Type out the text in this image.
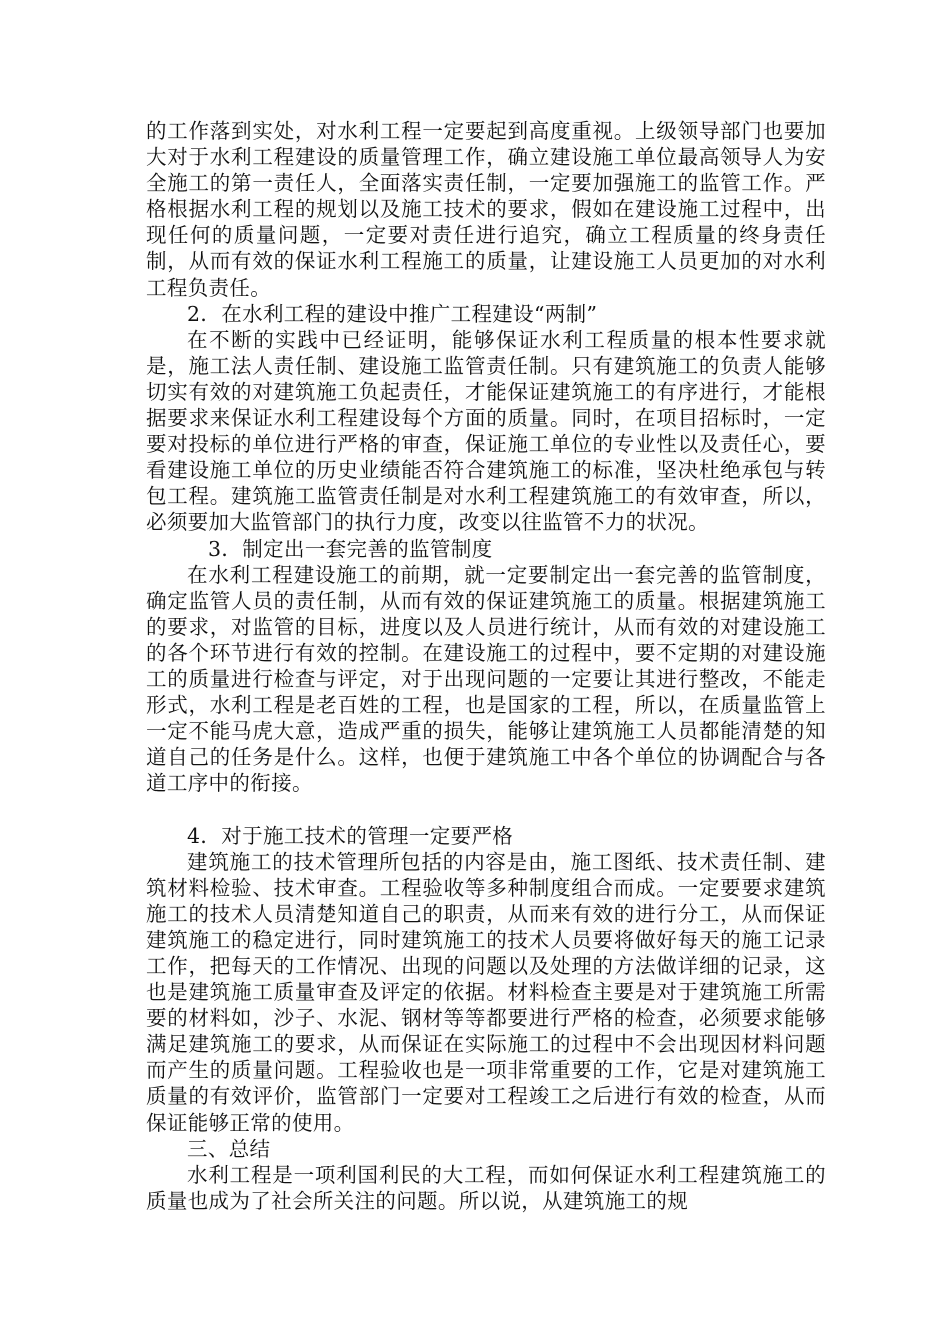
的工作落到实处，对水利工程一定要起到高度重视。上级领导部门也要加大对于水利工程建设的质量管理工作，确立建设施工单位最高领导人为安全施工的第一责任人，全面落实责任制，一定要加强施工的监管工作。严格根据水利工程的规划以及施工技术的要求，假如在建设施工过程中，出现任何的质量问题，一定要对责任进行追究，确立工程质量的终身责任制，从而有效的保证水利工程施工的质量，让建设施工人员更加的对水利工程负责任。

2．在水利工程的建设中推广工程建设“两制”

在不断的实践中已经证明，能够保证水利工程质量的根本性要求就是，施工法人责任制、建设施工监管责任制。只有建筑施工的负责人能够切实有效的对建筑施工负起责任，才能保证建筑施工的有序进行，才能根据要求来保证水利工程建设每个方面的质量。同时，在项目招标时，一定要对投标的单位进行严格的审查，保证施工单位的专业性以及责任心，要看建设施工单位的历史业绩能否符合建筑施工的标准，坚决杜绝承包与转包工程。建筑施工监管责任制是对水利工程建筑施工的有效审查，所以，必须要加大监管部门的执行力度，改变以往监管不力的状况。

3．制定出一套完善的监管制度

在水利工程建设施工的前期，就一定要制定出一套完善的监管制度，确定监管人员的责任制，从而有效的保证建筑施工的质量。根据建筑施工的要求，对监管的目标，进度以及人员进行统计，从而有效的对建设施工的各个环节进行有效的控制。在建设施工的过程中，要不定期的对建设施工的质量进行检查与评定，对于出现问题的一定要让其进行整改，不能走形式，水利工程是老百姓的工程，也是国家的工程，所以，在质量监管上一定不能马虎大意，造成严重的损失，能够让建筑施工人员都能清楚的知道自己的任务是什么。这样，也便于建筑施工中各个单位的协调配合与各道工序中的衔接。

4．对于施工技术的管理一定要严格

建筑施工的技术管理所包括的内容是由，施工图纸、技术责任制、建筑材料检验、技术审查。工程验收等多种制度组合而成。一定要要求建筑施工的技术人员清楚知道自己的职责，从而来有效的进行分工，从而保证建筑施工的稳定进行，同时建筑施工的技术人员要将做好每天的施工记录工作，把每天的工作情况、出现的问题以及处理的方法做详细的记录，这也是建筑施工质量审查及评定的依据。材料检查主要是对于建筑施工所需要的材料如，沙子、水泥、钢材等等都要进行严格的检查，必须要求能够满足建筑施工的要求，从而保证在实际施工的过程中不会出现因材料问题而产生的质量问题。工程验收也是一项非常重要的工作，它是对建筑施工质量的有效评价，监管部门一定要对工程竣工之后进行有效的检查，从而保证能够正常的使用。

三、总结

水利工程是一项利国利民的大工程，而如何保证水利工程建筑施工的质量也成为了社会所关注的问题。所以说，从建筑施工的规
